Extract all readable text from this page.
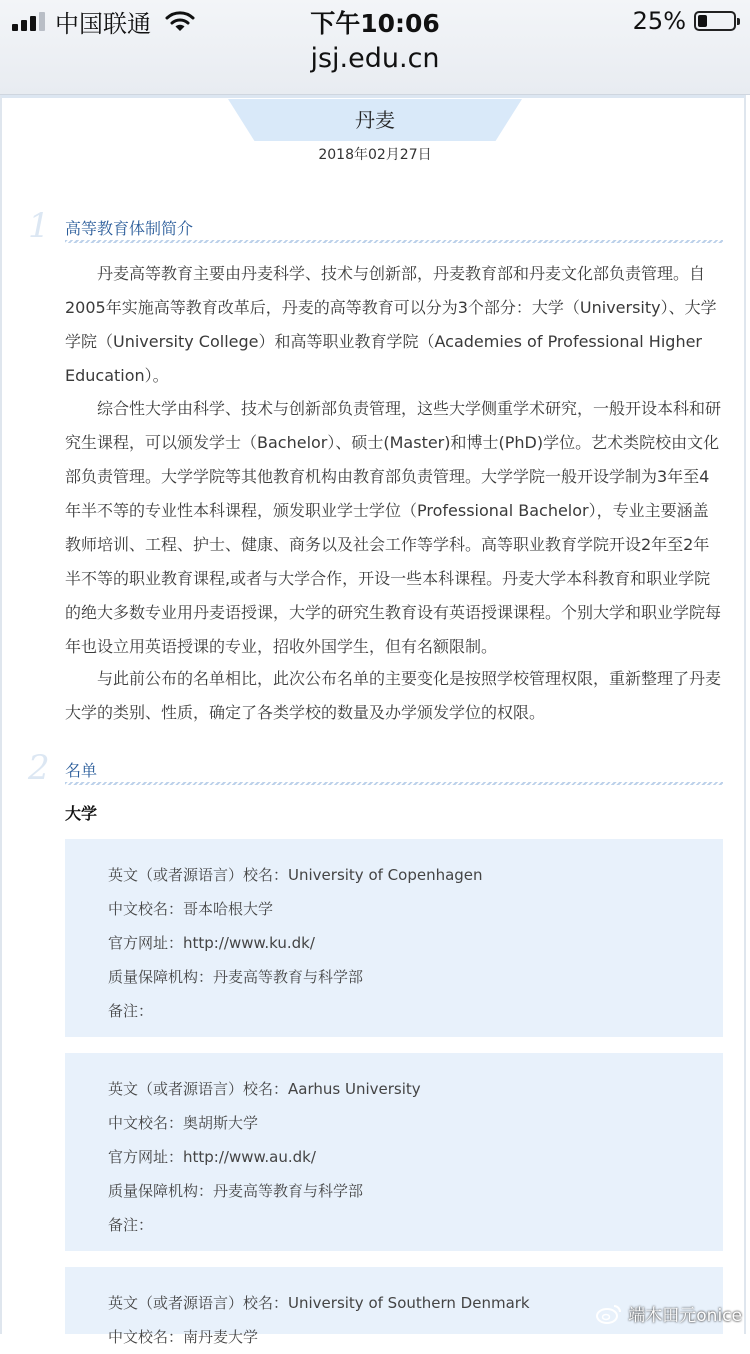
中国联通	下午10:06	25%
jsj.edu.cn
丹麦
2018年02月27日
1 高等教育体制简介

丹麦高等教育主要由丹麦科学、技术与创新部，丹麦教育部和丹麦文化部负责管理。自2005年实施高等教育改革后，丹麦的高等教育可以分为3个部分：大学（University）、大学学院（University College）和高等职业教育学院（Academies of Professional Higher Education）。

综合性大学由科学、技术与创新部负责管理，这些大学侧重学术研究，一般开设本科和研究生课程，可以颁发学士（Bachelor）、硕士(Master)和博士(PhD)学位。艺术类院校由文化部负责管理。大学学院等其他教育机构由教育部负责管理。大学学院一般开设学制为3年至4年半不等的专业性本科课程，颁发职业学士学位（Professional Bachelor），专业主要涵盖教师培训、工程、护士、健康、商务以及社会工作等学科。高等职业教育学院开设2年至2年半不等的职业教育课程,或者与大学合作，开设一些本科课程。丹麦大学本科教育和职业学院的绝大多数专业用丹麦语授课，大学的研究生教育设有英语授课课程。个别大学和职业学院每年也设立用英语授课的专业，招收外国学生，但有名额限制。

与此前公布的名单相比，此次公布名单的主要变化是按照学校管理权限，重新整理了丹麦大学的类别、性质，确定了各类学校的数量及办学颁发学位的权限。

2 名单
大学
英文（或者源语言）校名：University of Copenhagen
中文校名：哥本哈根大学
官方网址：http://www.ku.dk/
质量保障机构：丹麦高等教育与科学部
备注：
英文（或者源语言）校名：Aarhus University
中文校名：奥胡斯大学
官方网址：http://www.au.dk/
质量保障机构：丹麦高等教育与科学部
备注：
英文（或者源语言）校名：University of Southern Denmark
中文校名：南丹麦大学
端木田元onice
